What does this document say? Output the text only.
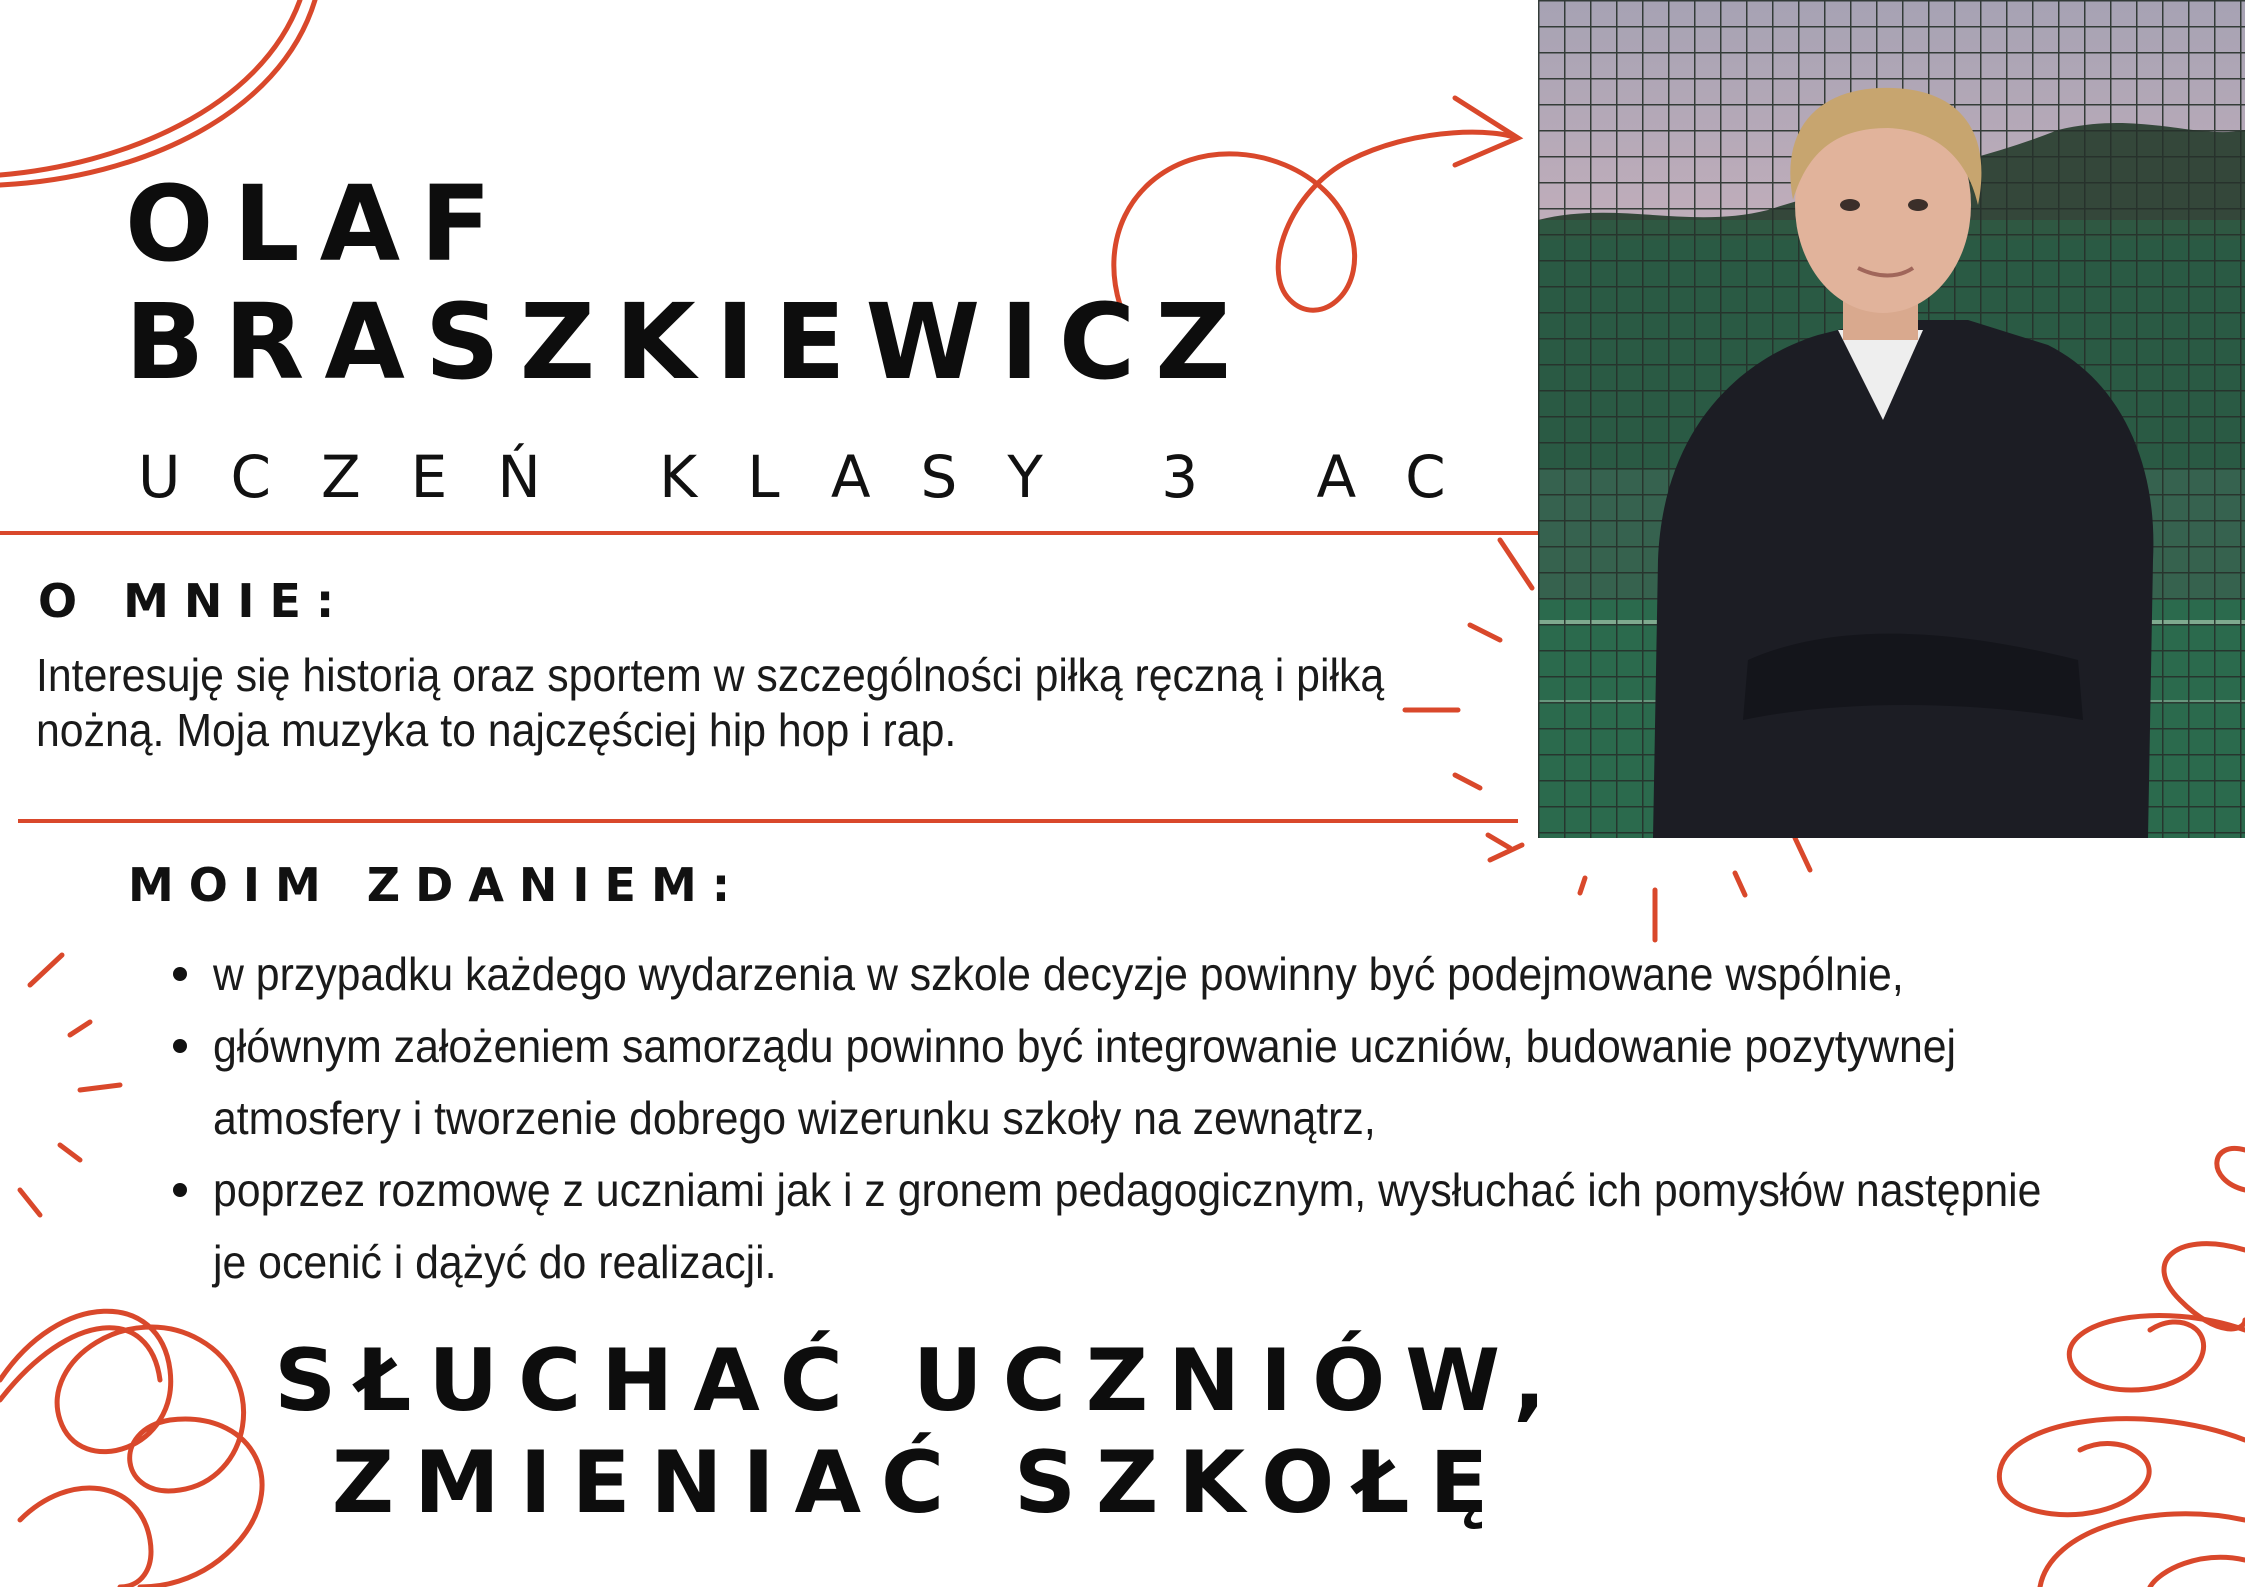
OLAF
BRASZKIEWICZ
UCZEŃ KLASY 3 AC
O MNIE:
Interesuję się historią oraz sportem w szczególności piłką ręczną i piłką nożną. Moja muzyka to najczęściej hip hop i rap.
MOIM ZDANIEM:
w przypadku każdego wydarzenia w szkole decyzje powinny być podejmowane wspólnie,
głównym założeniem samorządu powinno być integrowanie uczniów, budowanie pozytywnej atmosfery i tworzenie dobrego wizerunku szkoły na zewnątrz,
poprzez rozmowę z uczniami jak i z gronem pedagogicznym, wysłuchać ich pomysłów następnie je ocenić i dążyć do realizacji.
SŁUCHAĆ UCZNIÓW,
ZMIENIAĆ SZKOŁĘ
